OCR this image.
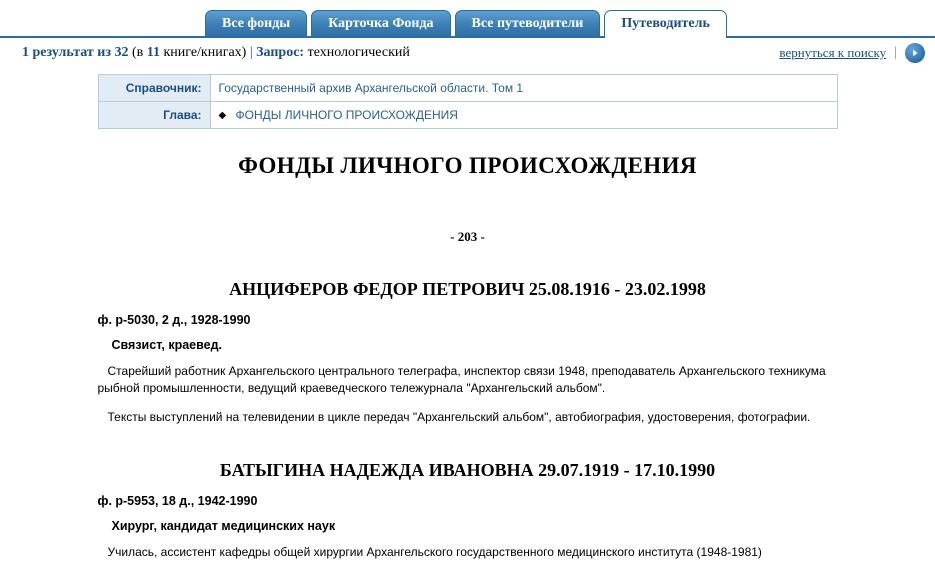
Все фонды	Карточка Фонда	Все путеводители	Путеводитель
1 результат из 32 (в 11 книге/книгах) | Запрос: технологический	вернуться к поиску |
Справочник:	Государственный архив Архангельской области. Том 1
Глава:	◆ ФОНДЫ ЛИЧНОГО ПРОИСХОЖДЕНИЯ
ФОНДЫ ЛИЧНОГО ПРОИСХОЖДЕНИЯ
- 203 -
АНЦИФЕРОВ ФЕДОР ПЕТРОВИЧ 25.08.1916 - 23.02.1998
ф. р-5030, 2 д., 1928-1990
Связист, краевед.
Старейший работник Архангельского центрального телеграфа, инспектор связи 1948, преподаватель Архангельского техникума рыбной промышленности, ведущий краеведческого тележурнала "Архангельский альбом".
Тексты выступлений на телевидении в цикле передач "Архангельский альбом", автобиография, удостоверения, фотографии.
БАТЫГИНА НАДЕЖДА ИВАНОВНА 29.07.1919 - 17.10.1990
ф. р-5953, 18 д., 1942-1990
Хирург, кандидат медицинских наук
Училась, ассистент кафедры общей хирургии Архангельского государственного медицинского института (1948-1981)
